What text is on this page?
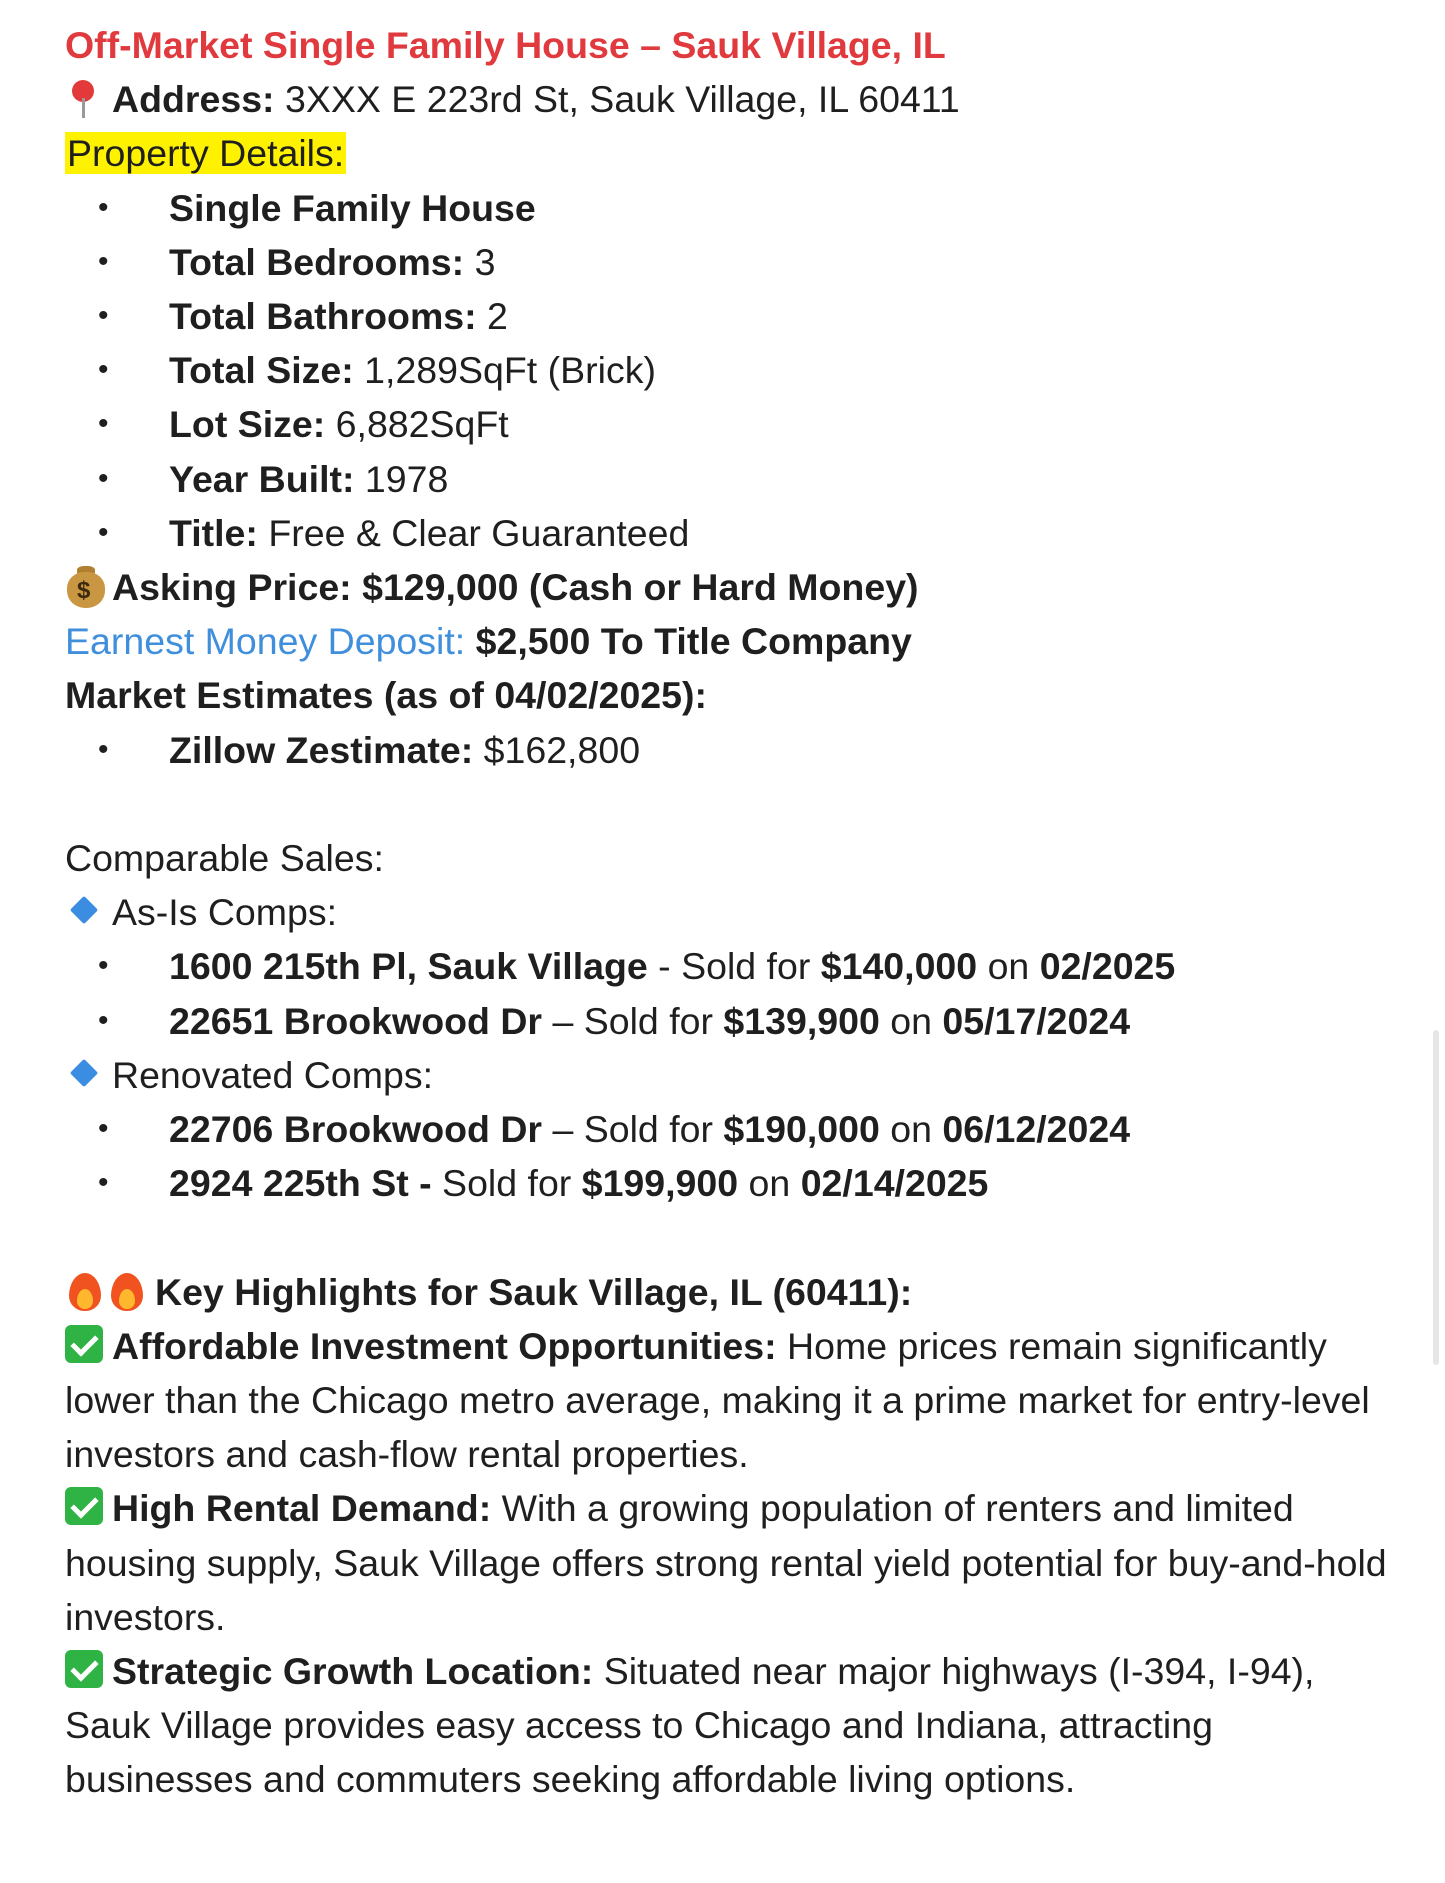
Off-Market Single Family House – Sauk Village, IL
Address: 3XXX E 223rd St, Sauk Village, IL 60411
Property Details:
• Single Family House
• Total Bedrooms: 3
• Total Bathrooms: 2
• Total Size: 1,289SqFt (Brick)
• Lot Size: 6,882SqFt
• Year Built: 1978
• Title: Free & Clear Guaranteed
$ Asking Price: $129,000 (Cash or Hard Money)
Earnest Money Deposit: $2,500 To Title Company
Market Estimates (as of 04/02/2025):
• Zillow Zestimate: $162,800
Comparable Sales:
As-Is Comps:
• 1600 215th Pl, Sauk Village - Sold for $140,000 on 02/2025
• 22651 Brookwood Dr – Sold for $139,900 on 05/17/2024
Renovated Comps:
• 22706 Brookwood Dr – Sold for $190,000 on 06/12/2024
• 2924 225th St - Sold for $199,900 on 02/14/2025
Key Highlights for Sauk Village, IL (60411):
Affordable Investment Opportunities: Home prices remain significantly lower than the Chicago metro average, making it a prime market for entry-level investors and cash-flow rental properties.
High Rental Demand: With a growing population of renters and limited housing supply, Sauk Village offers strong rental yield potential for buy-and-hold investors.
Strategic Growth Location: Situated near major highways (I-394, I-94), Sauk Village provides easy access to Chicago and Indiana, attracting businesses and commuters seeking affordable living options.
